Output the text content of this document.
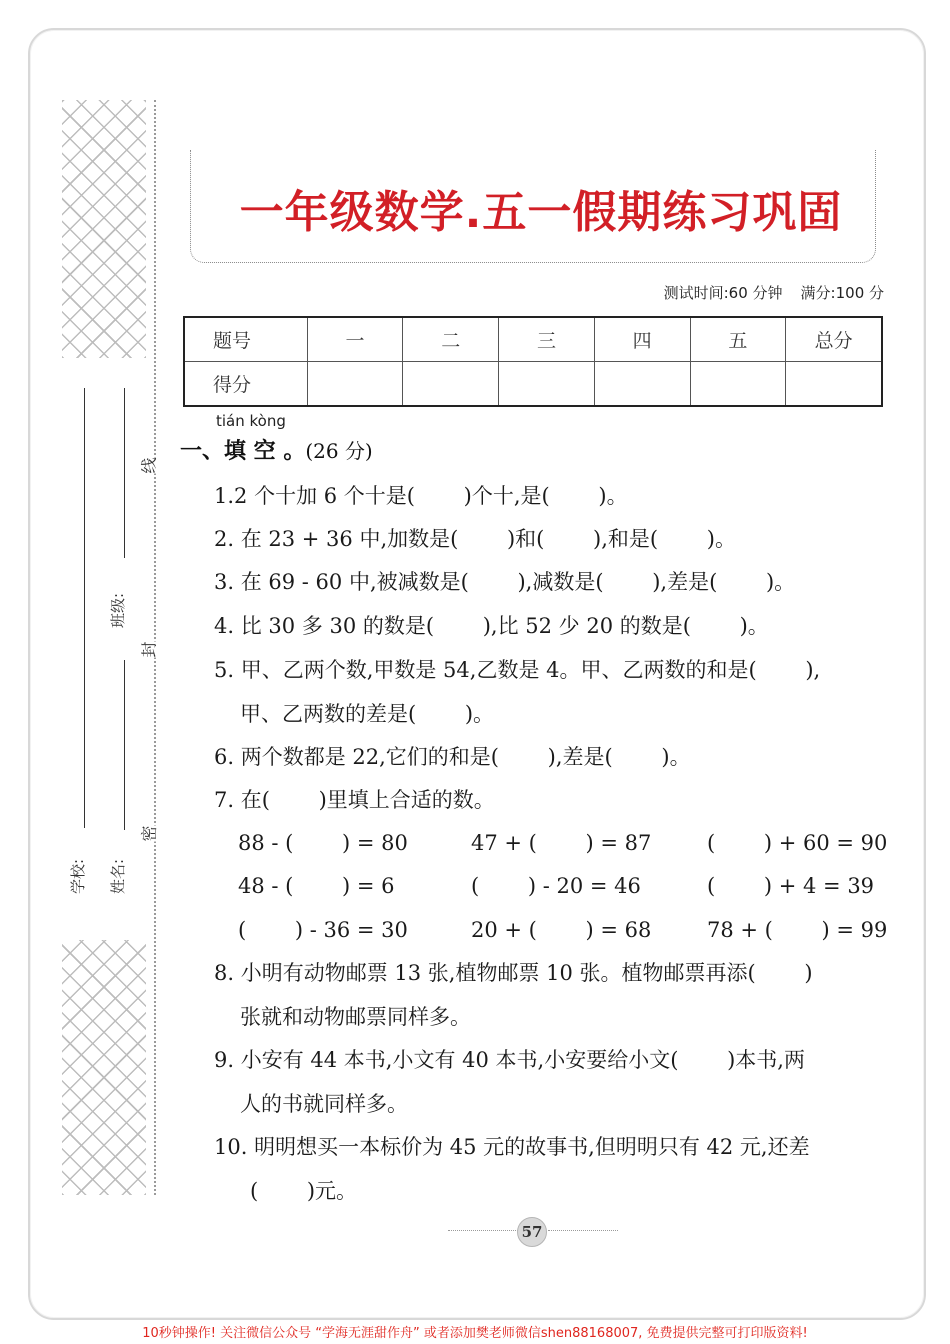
学校: 姓名:
班级:
线
封
密
一年级数学.五一假期练习巩固
测试时间:60 分钟 满分:100 分
题号	一	二	三	四	五	总分
得分						
tián kòng
一、填 空 。(26 分)
1.2 个十加 6 个十是(　　 )个十,是(　　 )。
2. 在 23 + 36 中,加数是(　　 )和(　　 ),和是(　　 )。
3. 在 69 - 60 中,被减数是(　　 ),减数是(　　 ),差是(　　 )。
4. 比 30 多 30 的数是(　　 ),比 52 少 20 的数是(　　 )。
5. 甲、乙两个数,甲数是 54,乙数是 4。甲、乙两数的和是(　　 ),
甲、乙两数的差是(　　 )。
6. 两个数都是 22,它们的和是(　　 ),差是(　　 )。
7. 在(　　 )里填上合适的数。
88 - (　　 ) = 80	47 + (　　 ) = 87	(　　 ) + 60 = 90
48 - (　　 ) = 6	(　　 ) - 20 = 46	(　　 ) + 4 = 39
(　　 ) - 36 = 30	20 + (　　 ) = 68	78 + (　　 ) = 99
8. 小明有动物邮票 13 张,植物邮票 10 张。植物邮票再添(　　 )
张就和动物邮票同样多。
9. 小安有 44 本书,小文有 40 本书,小安要给小文(　　 )本书,两
人的书就同样多。
10. 明明想买一本标价为 45 元的故事书,但明明只有 42 元,还差
(　　 )元。
57
10秒钟操作! 关注微信公众号 “学海无涯甜作舟” 或者添加樊老师微信shen88168007, 免费提供完整可打印版资料!
